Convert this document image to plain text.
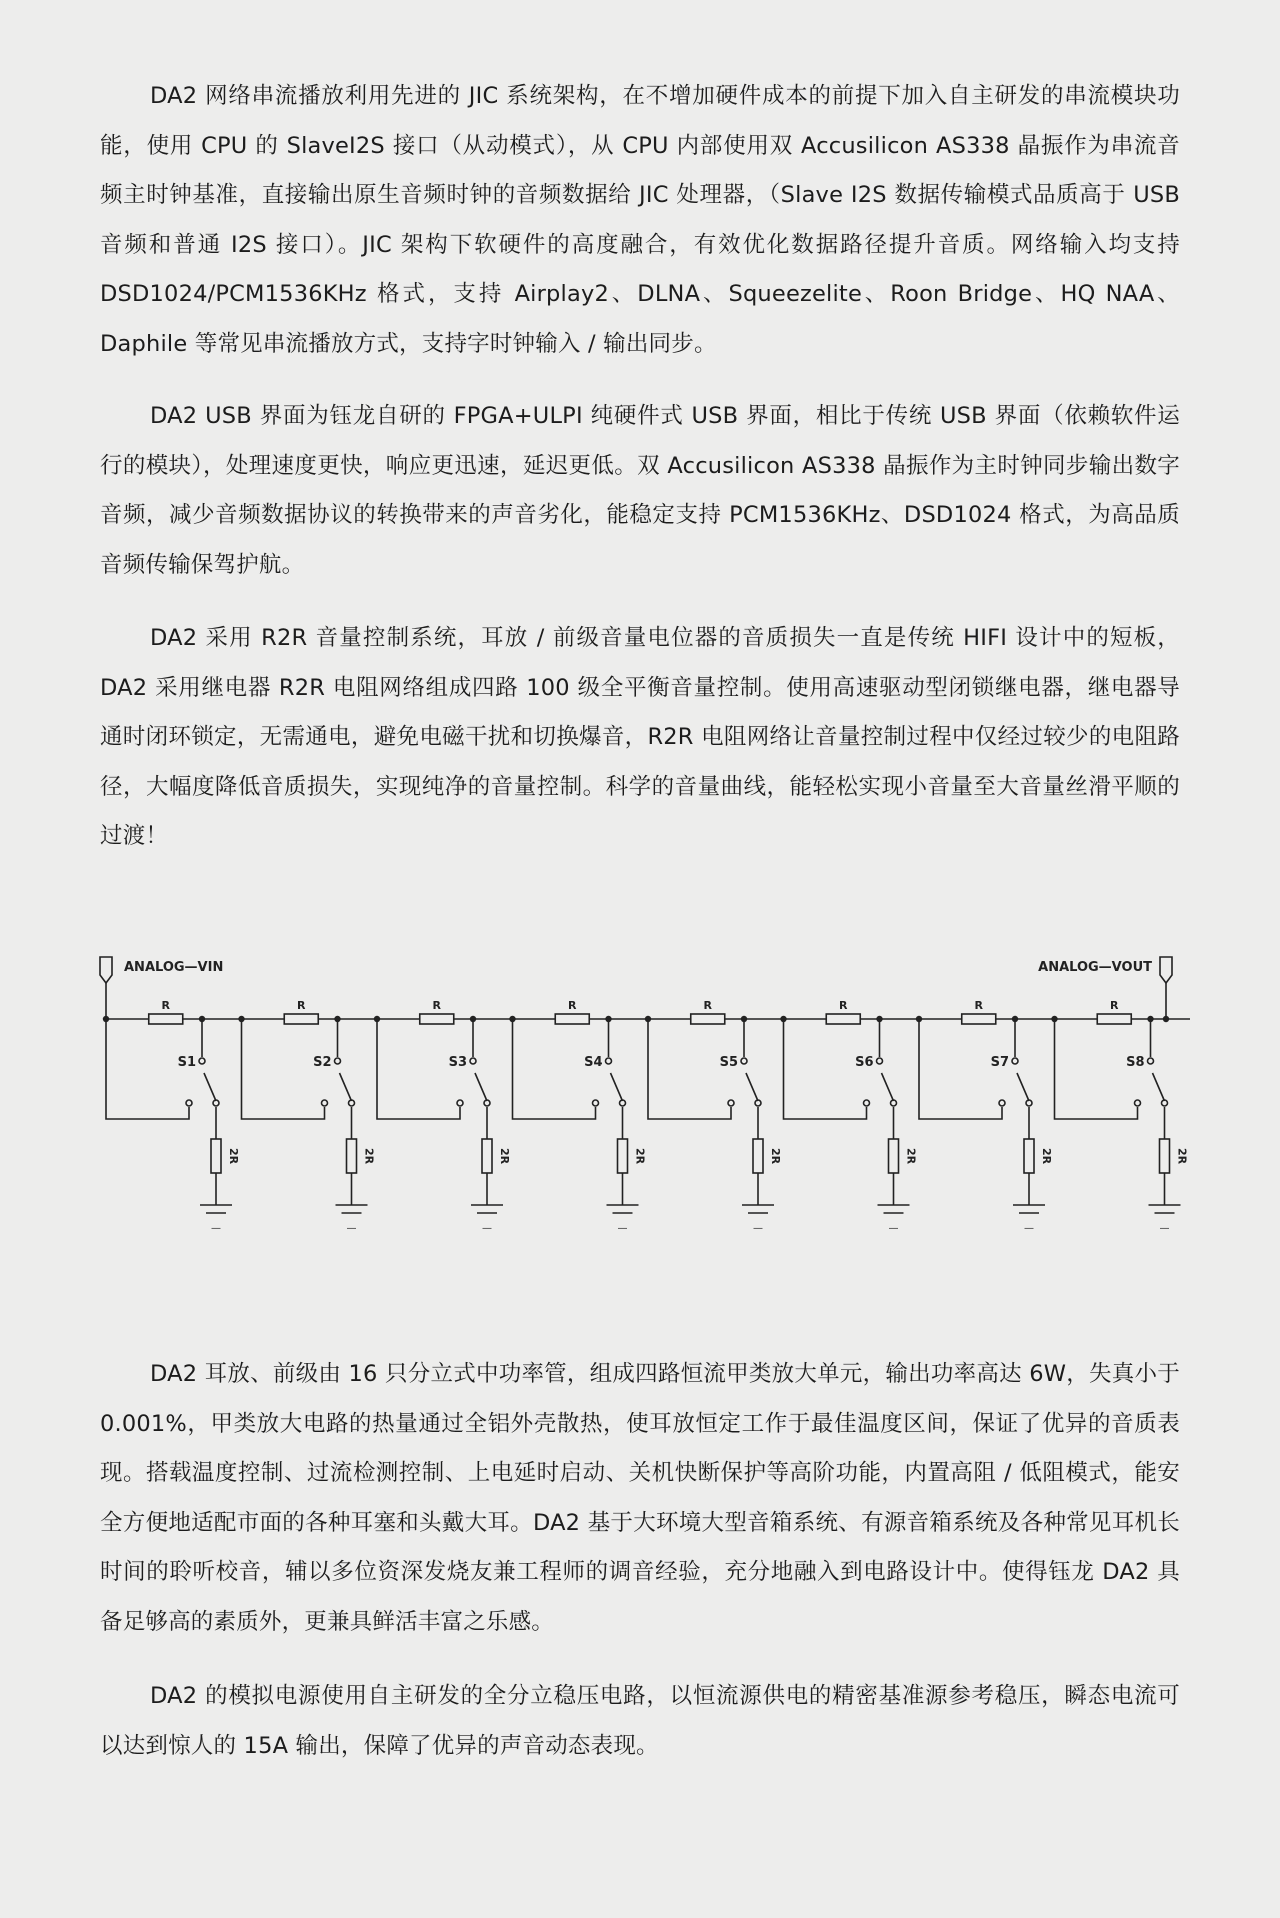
DA2 网络串流播放利用先进的 JIC 系统架构，在不增加硬件成本的前提下加入自主研发的串流模块功能，使用 CPU 的 SlaveI2S 接口（从动模式），从 CPU 内部使用双 Accusilicon AS338 晶振作为串流音频主时钟基准，直接输出原生音频时钟的音频数据给 JIC 处理器，（Slave I2S 数据传输模式品质高于 USB 音频和普通 I2S 接口）。JIC 架构下软硬件的高度融合，有效优化数据路径提升音质。网络输入均支持 DSD1024/PCM1536KHz 格式，支持 Airplay2、DLNA、Squeezelite、Roon Bridge、HQ NAA、Daphile 等常见串流播放方式，支持字时钟输入 / 输出同步。

DA2 USB 界面为钰龙自研的 FPGA+ULPI 纯硬件式 USB 界面，相比于传统 USB 界面（依赖软件运行的模块），处理速度更快，响应更迅速，延迟更低。双 Accusilicon AS338 晶振作为主时钟同步输出数字音频，减少音频数据协议的转换带来的声音劣化，能稳定支持 PCM1536KHz、DSD1024 格式，为高品质音频传输保驾护航。

DA2 采用 R2R 音量控制系统，耳放 / 前级音量电位器的音质损失一直是传统 HIFI 设计中的短板，DA2 采用继电器 R2R 电阻网络组成四路 100 级全平衡音量控制。使用高速驱动型闭锁继电器，继电器导通时闭环锁定，无需通电，避免电磁干扰和切换爆音，R2R 电阻网络让音量控制过程中仅经过较少的电阻路径，大幅度降低音质损失，实现纯净的音量控制。科学的音量曲线，能轻松实现小音量至大音量丝滑平顺的过渡！

ANALOG—VIN	ANALOG—VOUT
R	R	R	R	R	R	R	R
2R
—
S1
2R
—
S2
2R
—
S3
2R
—
S4
2R
—
S5
2R
—
S6
2R
—
S7
2R
—
S8

DA2 耳放、前级由 16 只分立式中功率管，组成四路恒流甲类放大单元，输出功率高达 6W，失真小于 0.001%，甲类放大电路的热量通过全铝外壳散热，使耳放恒定工作于最佳温度区间，保证了优异的音质表现。搭载温度控制、过流检测控制、上电延时启动、关机快断保护等高阶功能，内置高阻 / 低阻模式，能安全方便地适配市面的各种耳塞和头戴大耳。DA2 基于大环境大型音箱系统、有源音箱系统及各种常见耳机长时间的聆听校音，辅以多位资深发烧友兼工程师的调音经验，充分地融入到电路设计中。使得钰龙 DA2 具备足够高的素质外，更兼具鲜活丰富之乐感。

DA2 的模拟电源使用自主研发的全分立稳压电路，以恒流源供电的精密基准源参考稳压，瞬态电流可以达到惊人的 15A 输出，保障了优异的声音动态表现。
